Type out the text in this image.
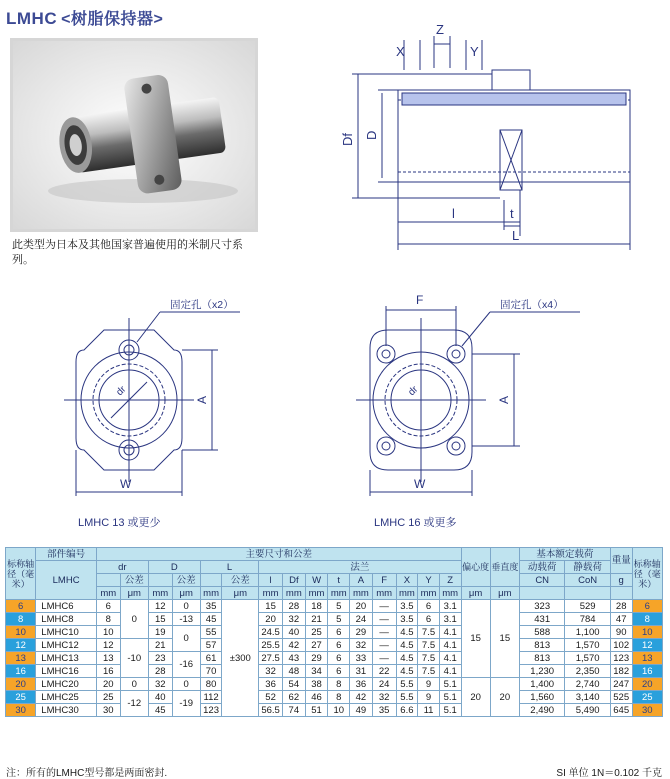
LMHC <树脂保持器>
此类型为日本及其他国家普遍使用的米制尺寸系列。
X
Z
Y
Df D
l	t
L
固定孔（x2）
dr
A
W
F	固定孔（x4）
dr
A
W
LMHC 13 或更少	LMHC 16 或更多
标称轴径（毫米）	部件编号	主要尺寸和公差															偏心度	垂直度	基本额定载荷		重量	标称轴径（毫米）
	LMHC	dr		D		L		法兰											动载荷	静载荷		
			公差		公差		公差	l	Df	W	t	A	F	X	Y	Z			CN	CoN	g	
		mm	μm	mm	μm	mm	μm	mm	mm	mm	mm	mm	mm	mm	mm	mm	μm	μm				
6	LMHC6	6	0	12	0	35	±300	15	28	18	5	20	—	3.5	6	3.1	15	15	323	529	28	6
8	LMHC8	8		15	-13	45		20	32	21	5	24	—	3.5	6	3.1			431	784	47	8
10	LMHC10	10		19	0	55		24.5	40	25	6	29	—	4.5	7.5	4.1			588	1,100	90	10
12	LMHC12	12	-10	21		57		25.5	42	27	6	32	—	4.5	7.5	4.1			813	1,570	102	12
13	LMHC13	13		23	-16	61		27.5	43	29	6	33	—	4.5	7.5	4.1			813	1,570	123	13
16	LMHC16	16		28		70		32	48	34	6	31	22	4.5	7.5	4.1			1,230	2,350	182	16
20	LMHC20	20	0	32	0	80		36	54	38	8	36	24	5.5	9	5.1	20	20	1,400	2,740	247	20
25	LMHC25	25	-12	40	-19	112		52	62	46	8	42	32	5.5	9	5.1			1,560	3,140	525	25
30	LMHC30	30		45		123		56.5	74	51	10	49	35	6.6	11	5.1			2,490	5,490	645	30
注：所有的LMHC型号都是两面密封.	SI 单位 1N＝0.102 千克
